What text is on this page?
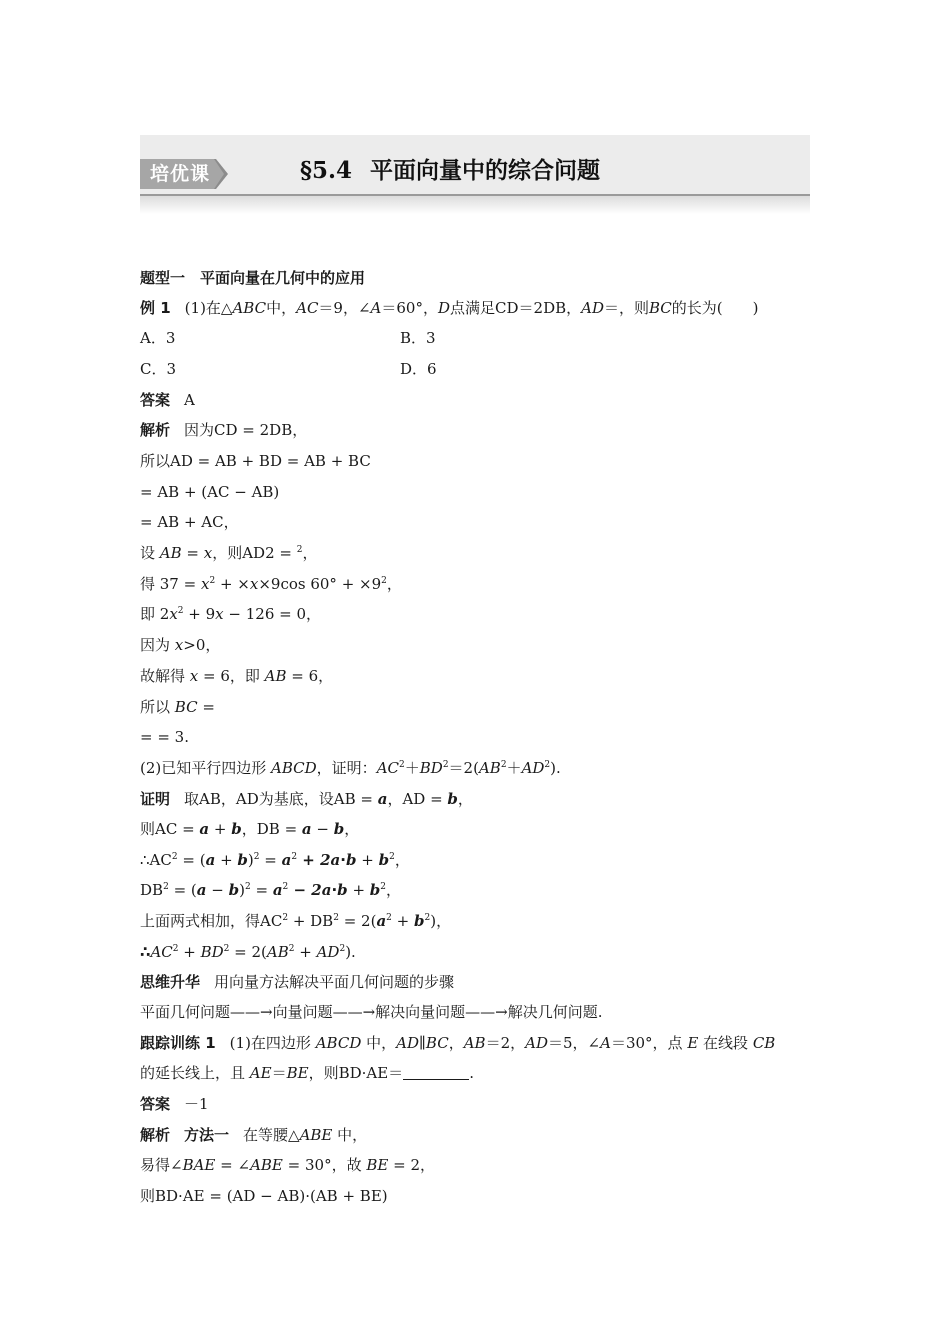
培优课	§5.4 平面向量中的综合问题
题型一　平面向量在几何中的应用
例 1 (1)在△ABC中，AC＝9，∠A＝60°，D点满足CD＝2DB，AD＝，则BC的长为(　　)
A．3	B．3
C．3	D．6
答案 A
解析 因为CD = 2DB，
所以AD = AB + BD = AB + BC
= AB + (AC − AB)
= AB + AC，
设 AB = x，则AD2 = $^2$，
得 $37 = x^2 + \times x\times 9\cos$ $60^\circ + \times 9^2$，
即 $2x^2 + 9x - 126 = 0$，
因为 x>0，
故解得 x = 6，即 AB = 6，
所以 BC =
= = 3.
(2)已知平行四边形 ABCD，证明：$AC^2+BD^2=2(AB^2+AD^2)$.
证明 取AB，AD为基底，设AB = a，AD = b，
则AC = a + b，DB = a − b，
$\therefore AC^2 = (a + b)^2 = a^2 + 2a\cdot b + b^2$，
$DB^2 = (a - b)^2 = a^2 - 2a\cdot b + b^2$，
上面两式相加，得$AC^2 + DB^2 = 2(a^2 + b^2)$，
$\therefore AC^2 + BD^2 = 2(AB^2 + AD^2)$.
思维升华 用向量方法解决平面几何问题的步骤
平面几何问题——→向量问题——→解决向量问题——→解决几何问题.
跟踪训练 1 (1)在四边形 ABCD 中，AD∥BC，AB＝2，AD＝5，∠A＝30°，点 E 在线段 CB
的延长线上，且 AE＝BE，则BD·AE＝	.
答案 －1
解析 方法一 在等腰△ABE 中，
易得∠BAE = ∠ABE = 30°，故 BE = 2，
则BD·AE = (AD − AB)·(AB + BE)
